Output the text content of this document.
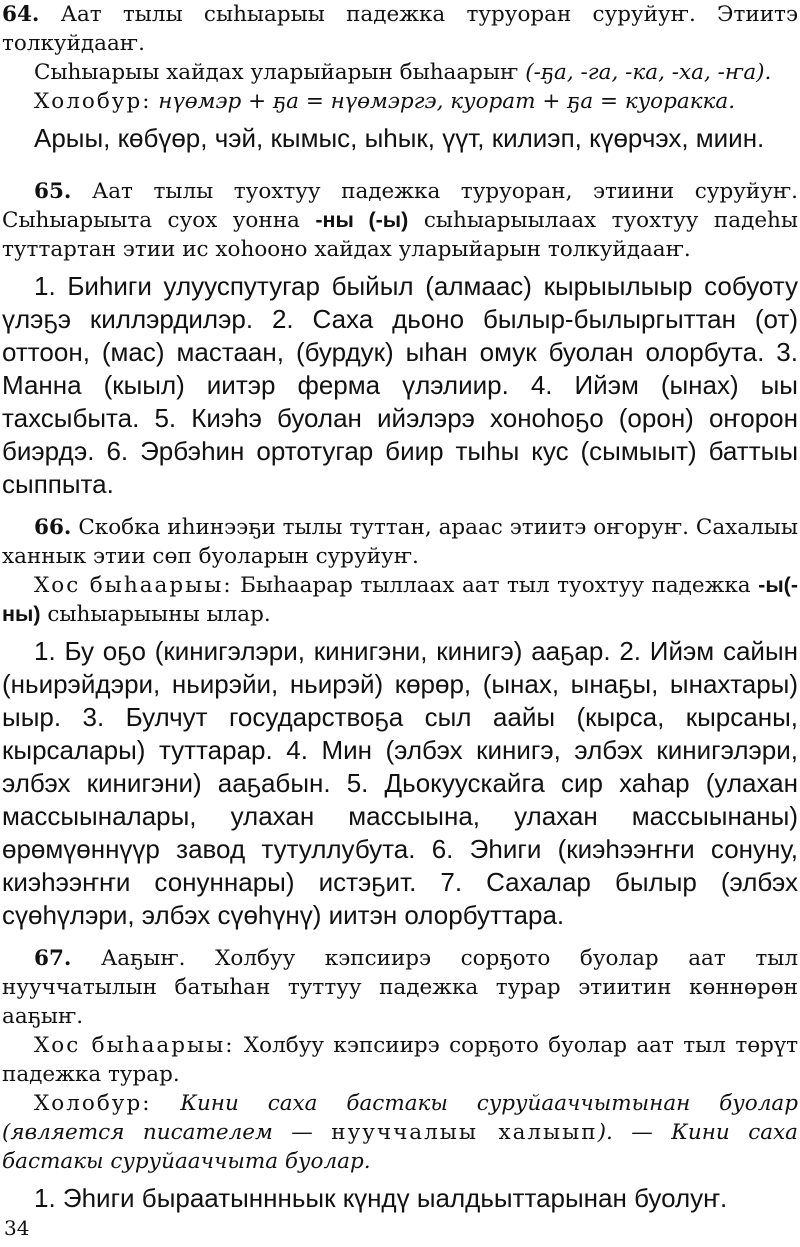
64. Аат тылы сыһыарыы падежка туруоран суруйуҥ. Этиитэ толкуйдааҥ.

Сыһыарыы хайдах уларыйарын быһаарыҥ (-ҕа, -га, -ка, -ха, -ҥа).

Холобур: нүөмэр + ҕа = нүөмэргэ, куорат + ҕа = куоракка.

Арыы, көбүөр, чэй, кымыс, ыһык, үүт, килиэп, күөрчэх, миин.

65. Аат тылы туохтуу падежка туруоран, этиини суруйуҥ. Сыһыарыыта суох уонна -ны (-ы) сыһыарыылаах туохтуу падеһы туттартан этии ис хоһооно хайдах уларыйарын толкуйдааҥ.

1. Биһиги улууспутугар быйыл (алмаас) кырыылыыр собуоту үлэҕэ киллэрдилэр. 2. Саха дьоно былыр-былыргыттан (от) оттоон, (мас) мастаан, (бурдук) ыһан омук буолан олорбута. 3. Манна (кыыл) иитэр ферма үлэлиир. 4. Ийэм (ынах) ыы тахсыбыта. 5. Киэһэ буолан ийэлэрэ хоноһоҕо (орон) оҥорон биэрдэ. 6. Эрбэһин ортотугар биир тыһы кус (сымыыт) баттыы сыппыта.

66. Скобка иһинээҕи тылы туттан, араас этиитэ оҥоруҥ. Сахалыы ханнык этии сөп буоларын суруйуҥ.

Хос быһаарыы: Быһаарар тыллаах аат тыл туохтуу падежка -ы(-ны) сыһыарыыны ылар.

1. Бу оҕо (кинигэлэри, кинигэни, кинигэ) ааҕар. 2. Ийэм сайын (ньирэйдэри, ньирэйи, ньирэй) көрөр, (ынах, ынаҕы, ынахтары) ыыр. 3. Булчут государствоҕа сыл аайы (кырса, кырсаны, кырсалары) туттарар. 4. Мин (элбэх кинигэ, элбэх кинигэлэри, элбэх кинигэни) ааҕабын. 5. Дьокуускайга сир хаһар (улахан массыыналары, улахан массыына, улахан массыынаны) өрөмүөннүүр завод тутуллубута. 6. Эһиги (киэһээҥҥи сонуну, киэһээҥҥи сонуннары) истэҕит. 7. Сахалар былыр (элбэх сүөһүлэри, элбэх сүөһүнү) иитэн олорбуттара.

67. Ааҕыҥ. Холбуу кэпсиирэ сорҕото буолар аат тыл нууччатылын батыһан туттуу падежка турар этиитин көннөрөн ааҕыҥ.

Хос быһаарыы: Холбуу кэпсиирэ сорҕото буолар аат тыл төрүт падежка турар.

Холобур: Кини саха бастакы суруйааччытынан буолар (является писателем — нууччалыы халыып). — Кини саха бастакы суруйааччыта буолар.

1. Эһиги быраатыннньык күндү ыалдьыттарынан буолуҥ.

34
